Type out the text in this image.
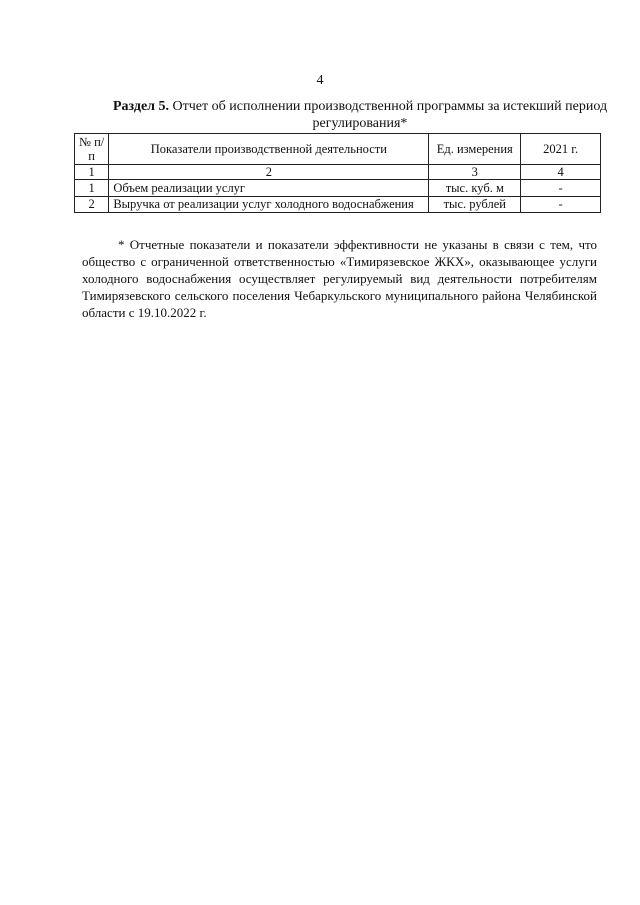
4
Раздел 5. Отчет об исполнении производственной программы за истекший период регулирования*
№ п/п	Показатели производственной деятельности	Ед. измерения	2021 г.
1	2	3	4
1	Объем реализации услуг	тыс. куб. м	-
2	Выручка от реализации услуг холодного водоснабжения	тыс. рублей	-
* Отчетные показатели и показатели эффективности не указаны в связи с тем, что общество с ограниченной ответственностью «Тимирязевское ЖКХ», оказывающее услуги холодного водоснабжения осуществляет регулируемый вид деятельности потребителям Тимирязевского сельского поселения Чебаркульского муниципального района Челябинской области с 19.10.2022 г.
